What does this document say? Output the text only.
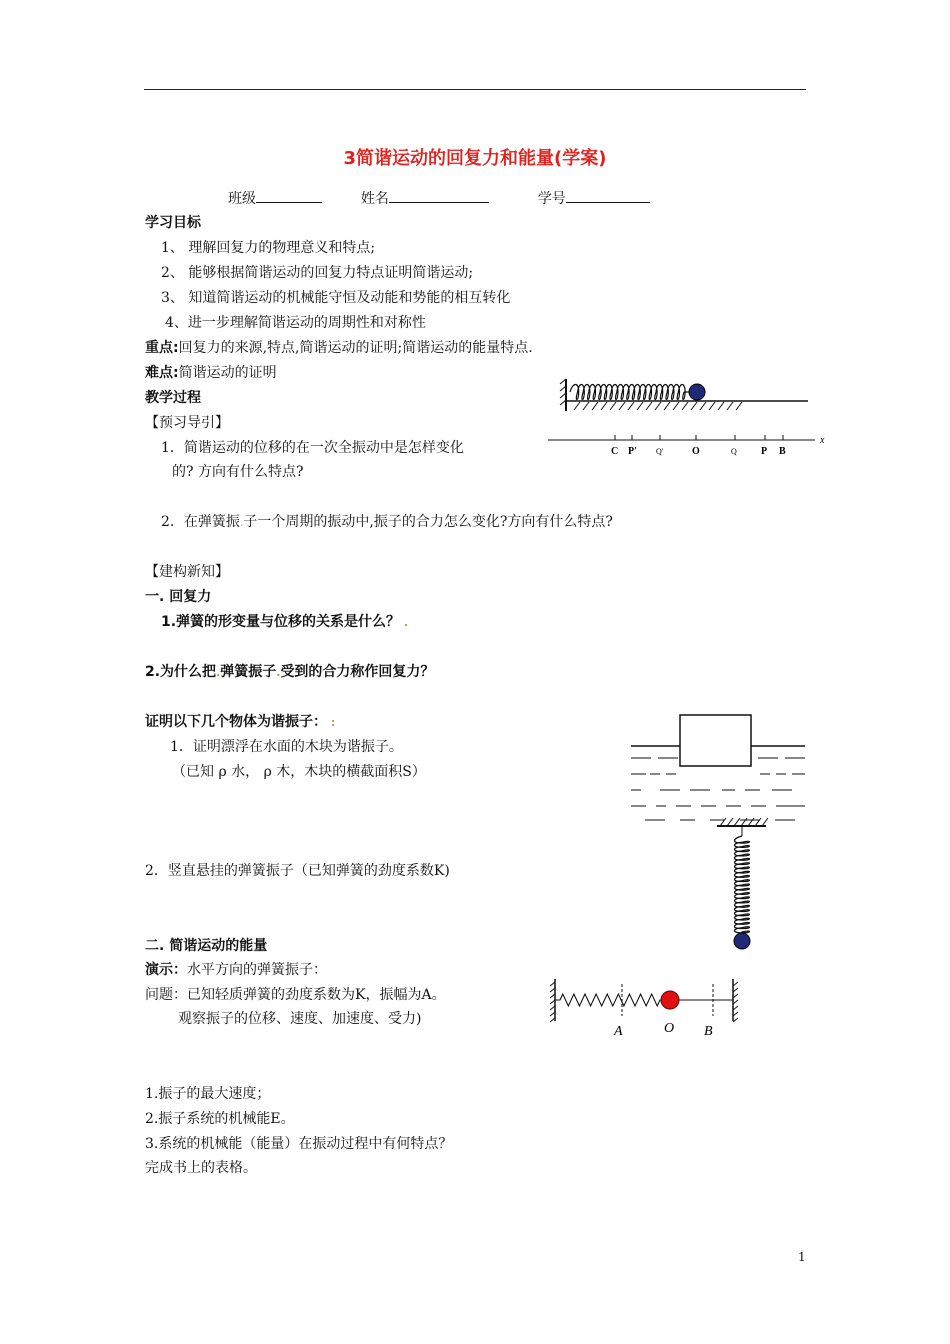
3简谐运动的回复力和能量(学案)
班级	姓名	学号
学习目标
1、 理解回复力的物理意义和特点;
2、 能够根据简谐运动的回复力特点证明简谐运动;
3、 知道简谐运动的机械能守恒及动能和势能的相互转化
4、进一步理解简谐运动的周期性和对称性
重点:回复力的来源,特点,简谐运动的证明;简谐运动的能量特点.
难点:简谐运动的证明
教学过程
【预习导引】
1．简谐运动的位移的在一次全振动中是怎样变化
的? 方向有什么特点?
2．在弹簧振.子一个周期的振动中,振子的合力怎么变化?方向有什么特点?
【建构新知】
一. 回复力
1.弹簧的形变量与位移的关系是什么？ .
2.为什么把.弹簧振子.受到的合力称作回复力？
证明以下几个物体为谐振子： :
1．证明漂浮在水面的木块为谐振子。
（已知 ρ 水， ρ 木，木块的横截面积S）
2．竖直悬挂的弹簧振子（已知弹簧的劲度系数K)
二. 简谐运动的能量
演示：水平方向的弹簧振子：
问题：已知轻质弹簧的劲度系数为K，振幅为A。
观察振子的位移、速度、加速度、受力)
1.振子的最大速度；
2.振子系统的机械能E。
3.系统的机械能（能量）在振动过程中有何特点？
完成书上的表格。
1
C P' Q'	O	Q P B
x
A	O B
